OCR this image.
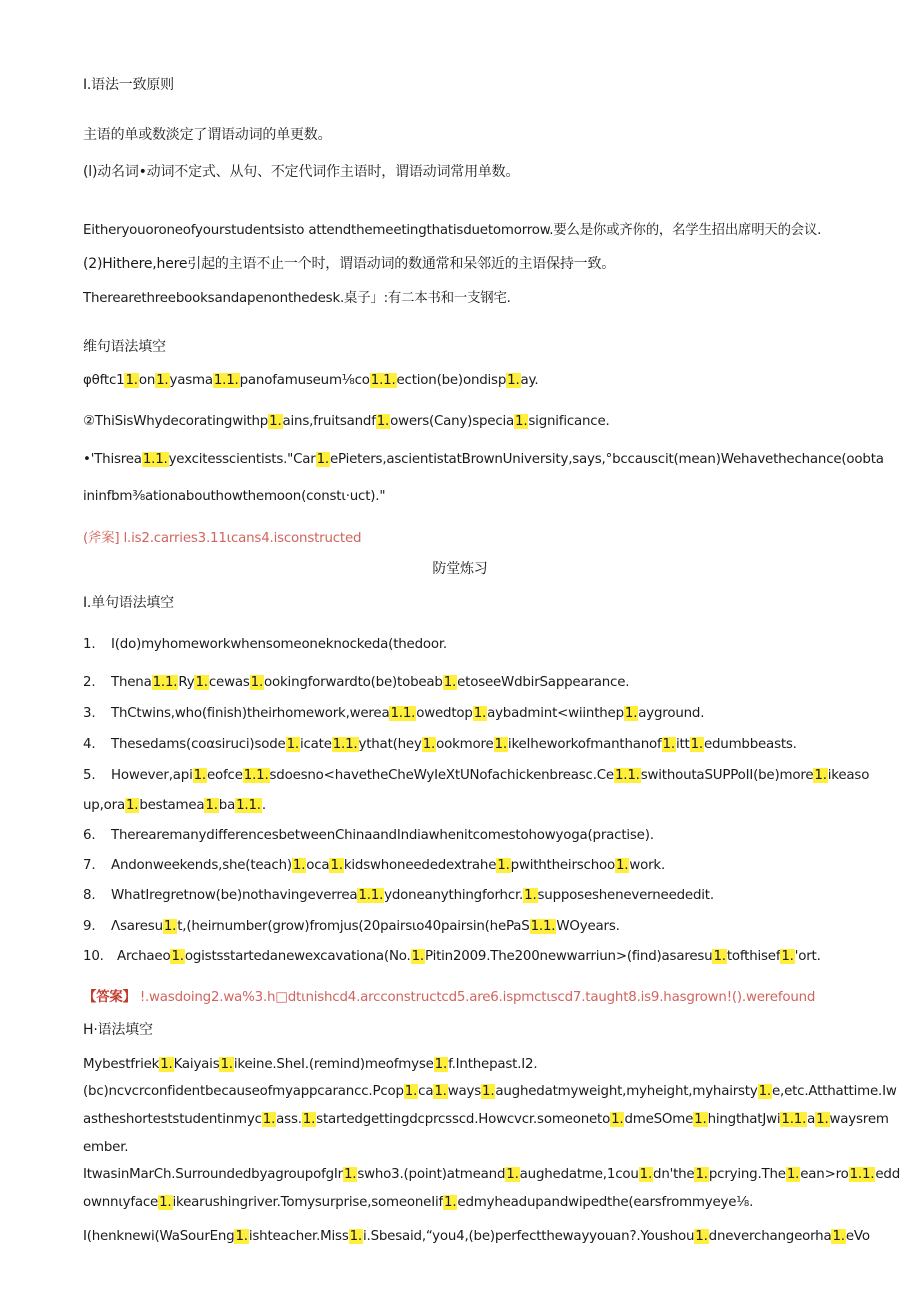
I.语法一致原则
主语的单或数淡定了谓语动词的单更数。
(l)动名词•动词不定式、从句、不定代词作主语时，谓语动词常用单数。
Eitheryouoroneofyourstudentsisto attendthemeetingthatisduetomorrow.要么是你或齐你的，名学生招出席明天的会议.
(2)Hithere,here引起的主语不止一个时，谓语动词的数通常和呆邻近的主语保持一致。
Therearethreebooksandapenonthedesk.桌子」:有二本书和一支钢宅.
维句语法填空
φθftc11.on1.yasma1.1.panofamuseum⅛co1.1.ection(be)ondisp1.ay.
②ThiSisWhydecoratingwithp1.ains,fruitsandf1.owers(Cany)specia1.significance.
•'Thisrea1.1.yexcitesscientists."Car1.ePieters,ascientistatBrownUniversity,says,°bccauscit(mean)Wehavethechance(oobta
ininfbm⅜ationabouthowthemoon(constι·uct)."
(斧案] l.is2.carries3.11ιcans4.isconstructed
防堂炼习
I.单句语法填空
1. I(do)myhomeworkwhensomeoneknockeda(thedoor.
2. Thena1.1.Ry1.cewas1.ookingforwardto(be)tobeab1.etoseeWdbirSappearance.
3. ThCtwins,who(finish)theirhomework,werea1.1.owedtop1.aybadmint<wiinthep1.ayground.
4. Thesedams(coαsiruci)sode1.icate1.1.ythat(hey1.ookmore1.ikeIheworkofmanthanof1.itt1.edumbbeasts.
5. However,api1.eofce1.1.sdoesno<havetheCheWyIeXtUNofachickenbreasc.Ce1.1.swithoutaSUPPoII(be)more1.ikeaso
up,ora1.bestamea1.ba1.1..
6. TherearemanydifferencesbetweenChinaandIndiawhenitcomestohowyoga(practise).
7. Andonweekends,she(teach)1.oca1.kidswhoneededextrahe1.pwiththeirschoo1.work.
8. WhatIregretnow(be)nothavingeverrea1.1.ydoneanythingforhcr.1.supposesheneverneededit.
9. Λsaresu1.t,(heirnumber(grow)fromjus(20pairsιo40pairsin(hePaS1.1.WOyears.
10. Archaeo1.ogistsstartedanewexcavationa(No.1.Pitin2009.The200newwarriun>(find)asaresu1.tofthisef1.'ort.
【答案】 !.wasdoing2.wa%3.h□dtιnishcd4.arcconstructcd5.are6.ispmctιscd7.taught8.is9.hasgrown!().werefound
H·语法填空
Mybestfriek1.Kaiyais1.ikeine.SheI.(remind)meofmyse1.f.Inthepast.I2.
(bc)ncvcrconfidentbecauseofmyappcarancc.Pcop1.ca1.ways1.aughedatmyweight,myheight,myhairsty1.e,etc.Atthattime.Iw
astheshorteststudentinmyc1.ass.1.startedgettingdcprcsscd.Howcvcr.someoneto1.dmeSOme1.hingthatJwi1.1.a1.waysrem
ember.
ItwasinMarCh.SurroundedbyagroupofgIr1.swho3.(point)atmeand1.aughedatme,1cou1.dn'the1.pcrying.The1.ean>ro1.1.edd
ownnιyface1.ikearushingriver.Tomysurprise,someoneIif1.edmyheadupandwipedthe(earsfrommyeye⅛.
I(henknewi(WaSourEng1.ishteacher.Miss1.i.Sbesaid,“you4,(be)perfectthewayyouan?.Youshou1.dneverchangeorha1.eVo
